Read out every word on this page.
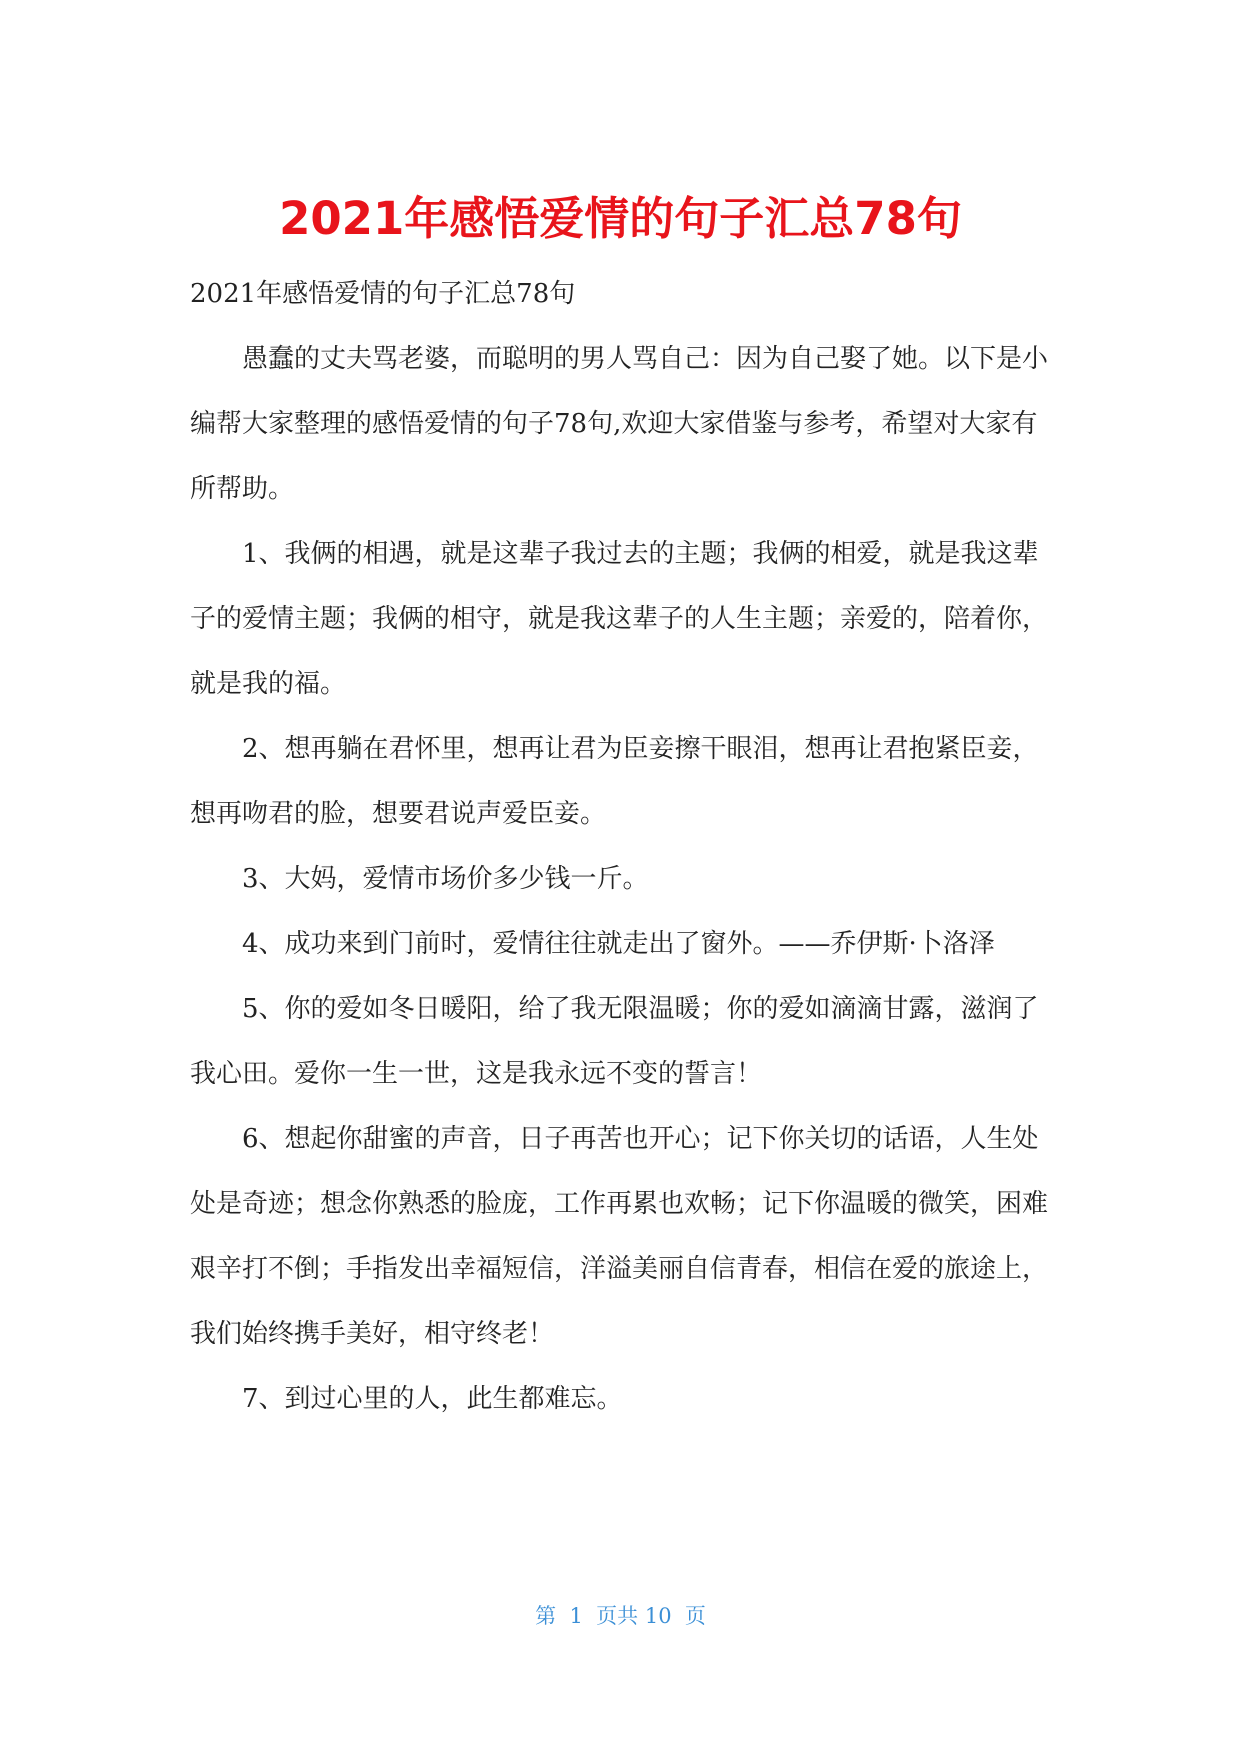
2021年感悟爱情的句子汇总78句

2021年感悟爱情的句子汇总78句

愚蠢的丈夫骂老婆，而聪明的男人骂自己：因为自己娶了她。以下是小编帮大家整理的感悟爱情的句子78句,欢迎大家借鉴与参考，希望对大家有所帮助。

1、我俩的相遇，就是这辈子我过去的主题；我俩的相爱，就是我这辈子的爱情主题；我俩的相守，就是我这辈子的人生主题；亲爱的，陪着你，就是我的福。

2、想再躺在君怀里，想再让君为臣妾擦干眼泪，想再让君抱紧臣妾，想再吻君的脸，想要君说声爱臣妾。

3、大妈，爱情市场价多少钱一斤。

4、成功来到门前时，爱情往往就走出了窗外。——乔伊斯·卜洛泽

5、你的爱如冬日暖阳，给了我无限温暖；你的爱如滴滴甘露，滋润了我心田。爱你一生一世，这是我永远不变的誓言！

6、想起你甜蜜的声音，日子再苦也开心；记下你关切的话语，人生处处是奇迹；想念你熟悉的脸庞，工作再累也欢畅；记下你温暖的微笑，困难艰辛打不倒；手指发出幸福短信，洋溢美丽自信青春，相信在爱的旅途上，我们始终携手美好，相守终老！

7、到过心里的人，此生都难忘。

第  1  页共 10  页
